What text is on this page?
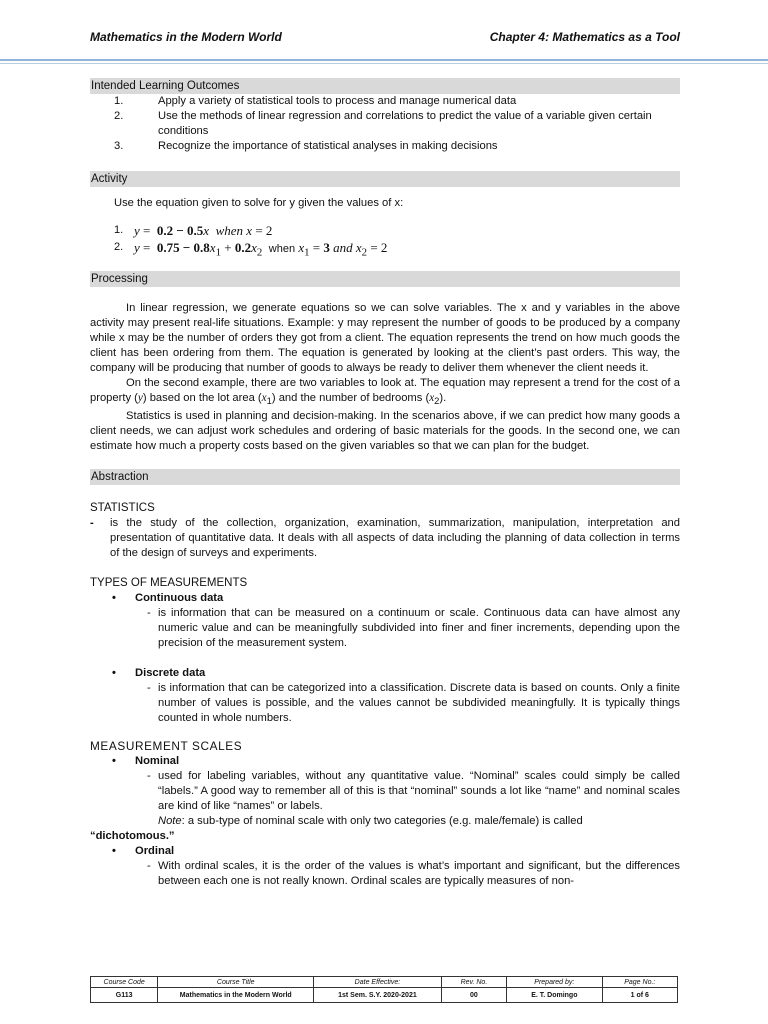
Mathematics in the Modern World	Chapter 4: Mathematics as a Tool
Intended Learning Outcomes
1.	Apply a variety of statistical tools to process and manage numerical data
2.	Use the methods of linear regression and correlations to predict the value of a variable given certain conditions
3.	Recognize the importance of statistical analyses in making decisions
Activity

Use the equation given to solve for y given the values of x:

1. y =  0.2 − 0.5x when x = 2
2. $y = 0.75 - 0.8x_1 + 0.2x_2$ when $x_1 = 3$ and $x_2 = 2$
Processing

In linear regression, we generate equations so we can solve variables. The x and y variables in the above activity may present real-life situations. Example: y may represent the number of goods to be produced by a company while x may be the number of orders they got from a client. The equation represents the trend on how much goods the client has been ordering from them. The equation is generated by looking at the client’s past orders. This way, the company will be producing that number of goods to always be ready to deliver them whenever the client needs it.

On the second example, there are two variables to look at. The equation may represent a trend for the cost of a property (y) based on the lot area $(x_1)$ and the number of bedrooms $(x_2)$.

Statistics is used in planning and decision-making. In the scenarios above, if we can predict how many goods a client needs, we can adjust work schedules and ordering of basic materials for the goods. In the second one, we can estimate how much a property costs based on the given variables so that we can plan for the budget.

Abstraction

STATISTICS

- is the study of the collection, organization, examination, summarization, manipulation, interpretation and presentation of quantitative data. It deals with all aspects of data including the planning of data collection in terms of the design of surveys and experiments.

TYPES OF MEASUREMENTS

• Continuous data

- is information that can be measured on a continuum or scale. Continuous data can have almost any numeric value and can be meaningfully subdivided into finer and finer increments, depending upon the precision of the measurement system.

• Discrete data

- is information that can be categorized into a classification. Discrete data is based on counts. Only a finite number of values is possible, and the values cannot be subdivided meaningfully. It is typically things counted in whole numbers.

MEASUREMENT SCALES

• Nominal

- used for labeling variables, without any quantitative value. “Nominal” scales could simply be called “labels.” A good way to remember all of this is that “nominal” sounds a lot like “name” and nominal scales are kind of like “names” or labels.

Note: a sub-type of nominal scale with only two categories (e.g. male/female) is called

“dichotomous.”

• Ordinal

- With ordinal scales, it is the order of the values is what’s important and significant, but the differences between each one is not really known. Ordinal scales are typically measures of non-

Course Code	Course Title	Date Effective:	Rev. No.	Prepared by:	Page No.:
G113	Mathematics in the Modern World	1st Sem. S.Y. 2020-2021	00	E. T. Domingo	1 of 6
